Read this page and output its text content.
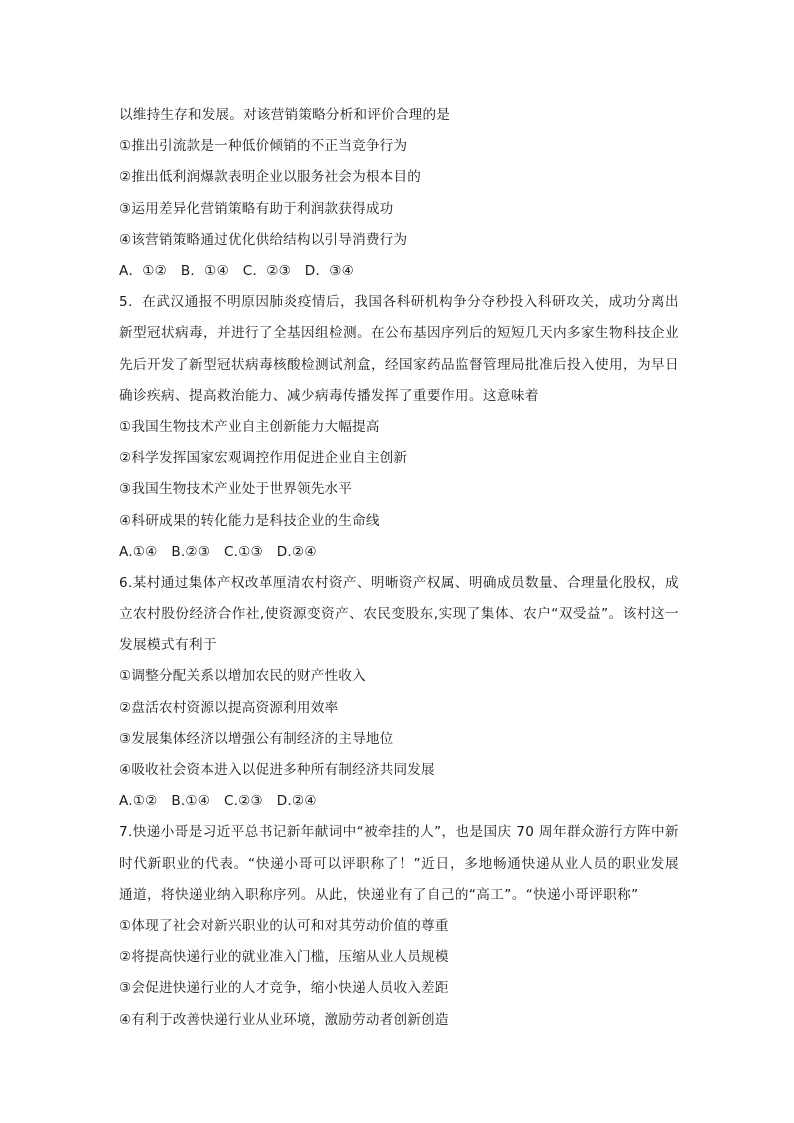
以维持生存和发展。对该营销策略分析和评价合理的是
①推出引流款是一种低价倾销的不正当竞争行为
②推出低利润爆款表明企业以服务社会为根本目的
③运用差异化营销策略有助于利润款获得成功
④该营销策略通过优化供给结构以引导消费行为
A．①②　B．①④　C．②③　D．③④
5．在武汉通报不明原因肺炎疫情后，我国各科研机构争分夺秒投入科研攻关，成功分离出新型冠状病毒，并进行了全基因组检测。在公布基因序列后的短短几天内多家生物科技企业先后开发了新型冠状病毒核酸检测试剂盒，经国家药品监督管理局批准后投入使用，为早日确诊疾病、提高救治能力、减少病毒传播发挥了重要作用。这意味着
①我国生物技术产业自主创新能力大幅提高
②科学发挥国家宏观调控作用促进企业自主创新
③我国生物技术产业处于世界领先水平
④科研成果的转化能力是科技企业的生命线
A.①④　B.②③　C.①③　D.②④
6.某村通过集体产权改革厘清农村资产、明晰资产权属、明确成员数量、合理量化股权，成立农村股份经济合作社,使资源变资产、农民变股东,实现了集体、农户“双受益”。该村这一发展模式有利于
①调整分配关系以增加农民的财产性收入
②盘活农村资源以提高资源利用效率
③发展集体经济以增强公有制经济的主导地位
④吸收社会资本进入以促进多种所有制经济共同发展
A.①②　B.①④　C.②③　D.②④
7.快递小哥是习近平总书记新年献词中“被牵挂的人”，也是国庆 70 周年群众游行方阵中新时代新职业的代表。“快递小哥可以评职称了！”近日，多地畅通快递从业人员的职业发展通道，将快递业纳入职称序列。从此，快递业有了自己的“高工”。“快递小哥评职称”
①体现了社会对新兴职业的认可和对其劳动价值的尊重
②将提高快递行业的就业准入门槛，压缩从业人员规模
③会促进快递行业的人才竞争，缩小快递人员收入差距
④有利于改善快递行业从业环境，激励劳动者创新创造
